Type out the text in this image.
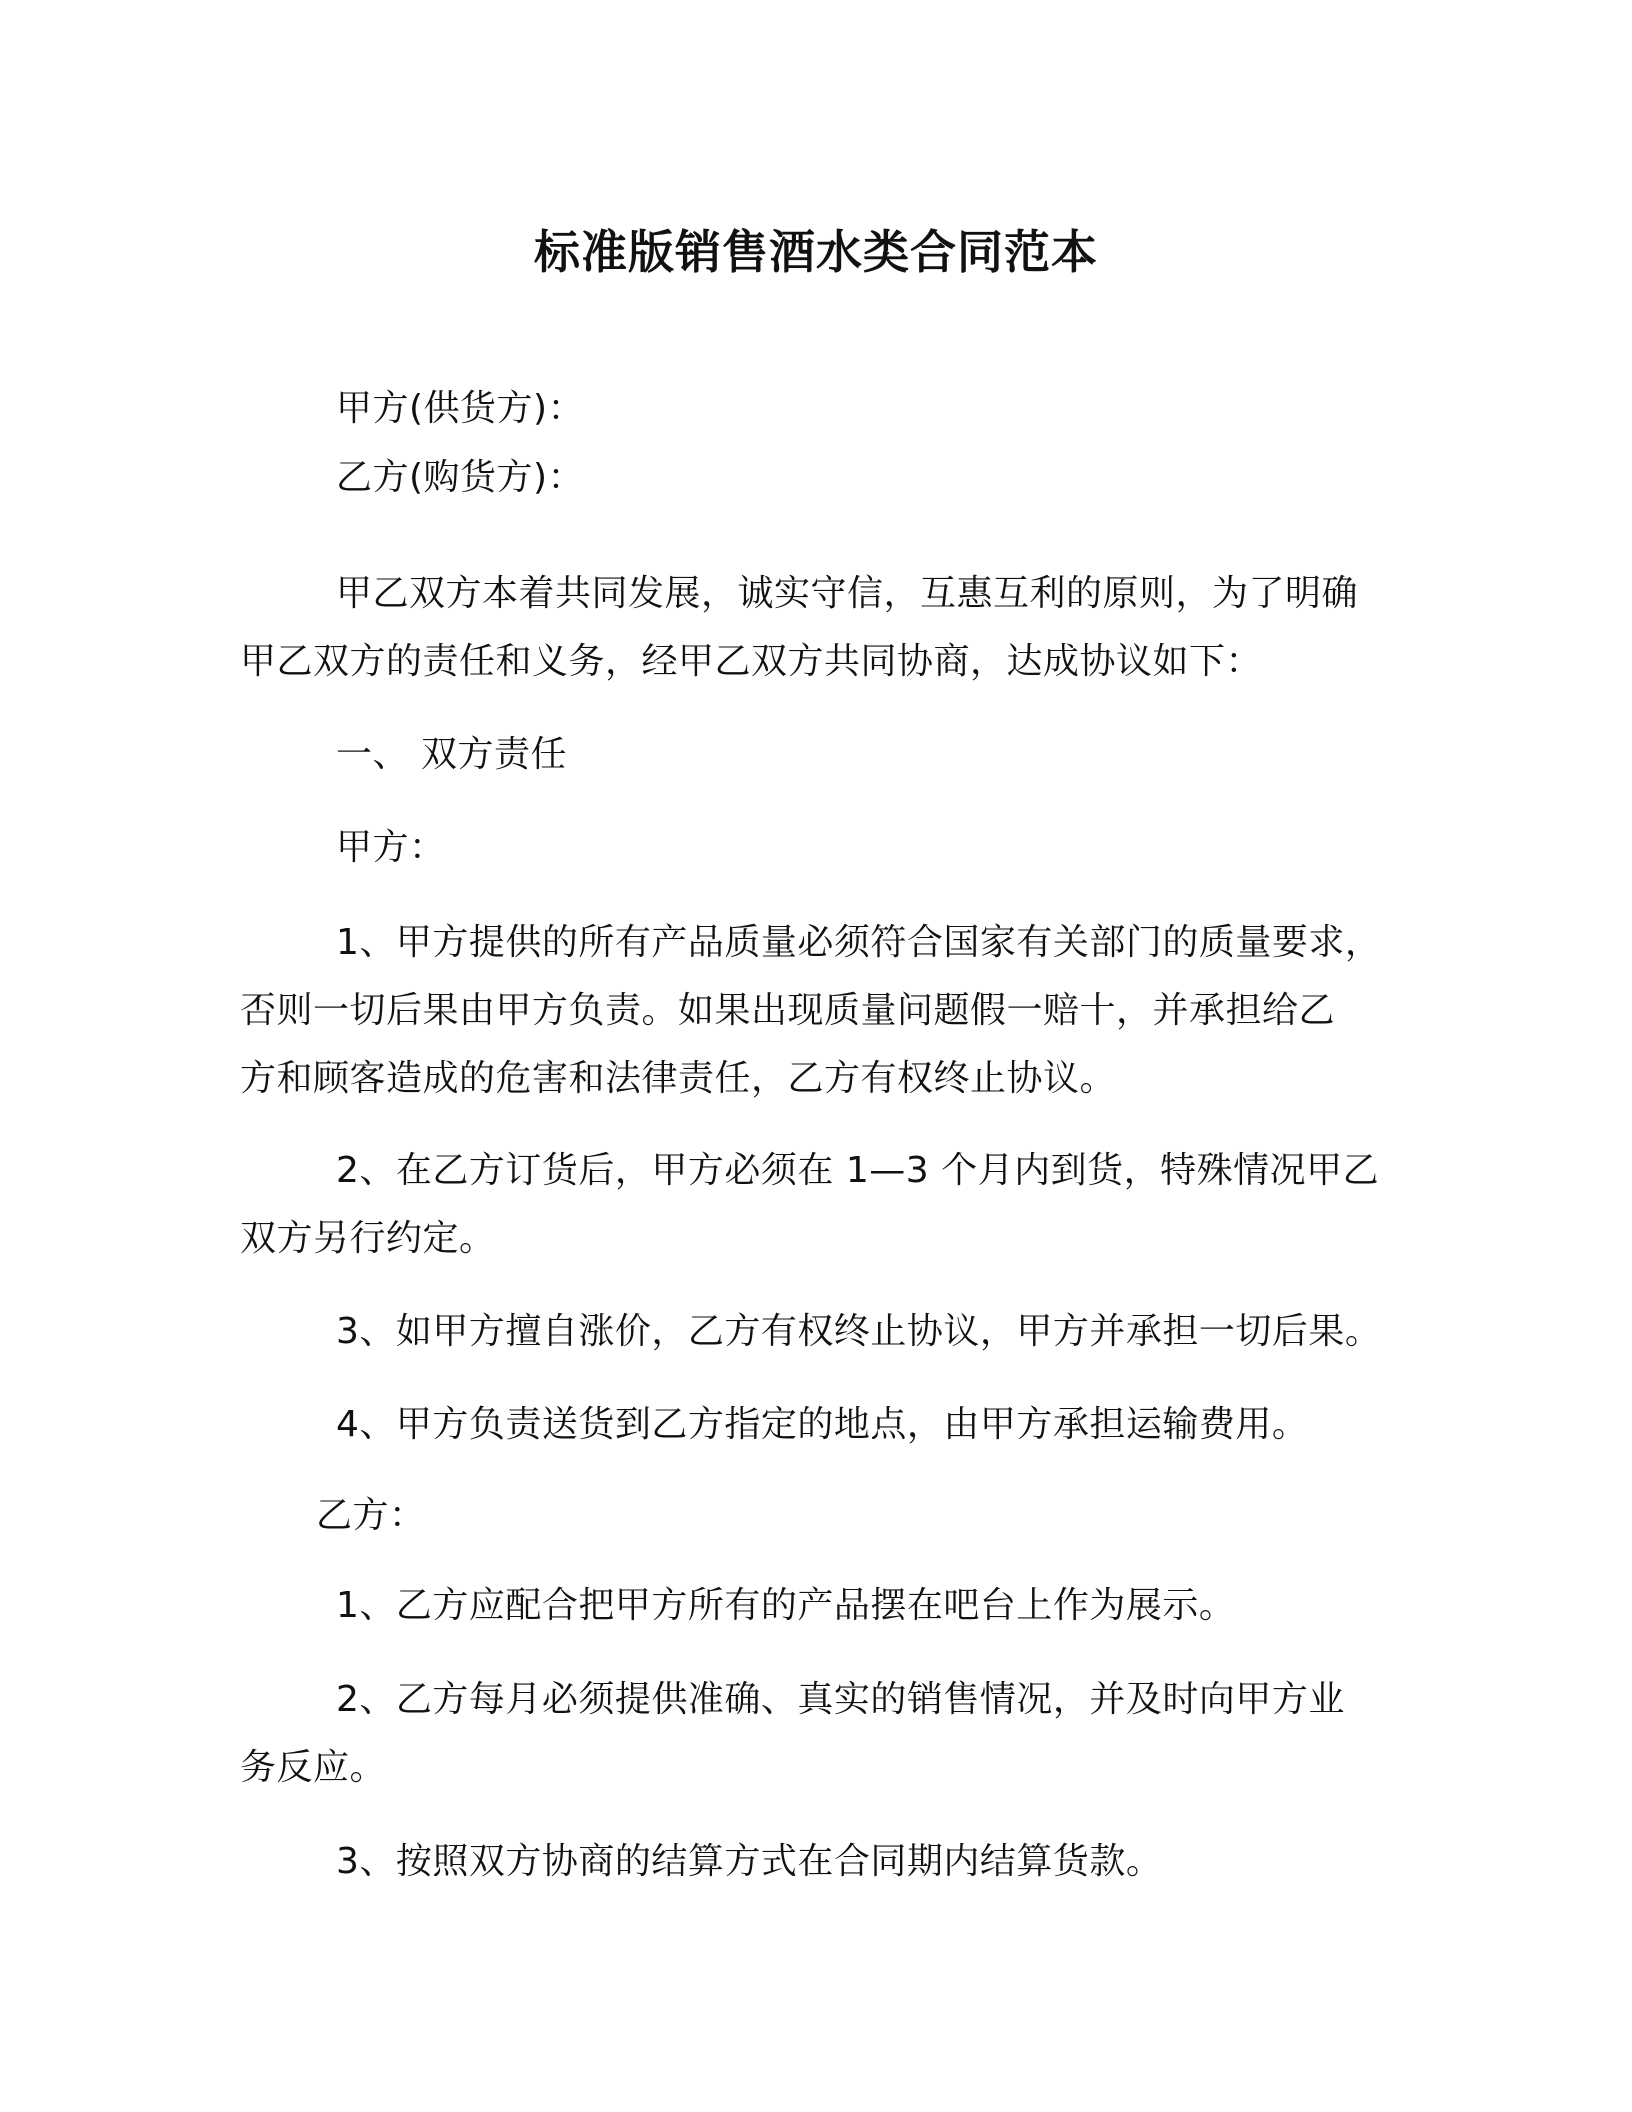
标准版销售酒水类合同范本
甲方(供货方)：
乙方(购货方)：
甲乙双方本着共同发展，诚实守信，互惠互利的原则，为了明确
甲乙双方的责任和义务，经甲乙双方共同协商，达成协议如下：
一、 双方责任
甲方：
1、甲方提供的所有产品质量必须符合国家有关部门的质量要求，
否则一切后果由甲方负责。如果出现质量问题假一赔十，并承担给乙
方和顾客造成的危害和法律责任，乙方有权终止协议。
2、在乙方订货后，甲方必须在 1—3 个月内到货，特殊情况甲乙
双方另行约定。
3、如甲方擅自涨价，乙方有权终止协议，甲方并承担一切后果。
4、甲方负责送货到乙方指定的地点，由甲方承担运输费用。
乙方：
1、乙方应配合把甲方所有的产品摆在吧台上作为展示。
2、乙方每月必须提供准确、真实的销售情况，并及时向甲方业
务反应。
3、按照双方协商的结算方式在合同期内结算货款。
